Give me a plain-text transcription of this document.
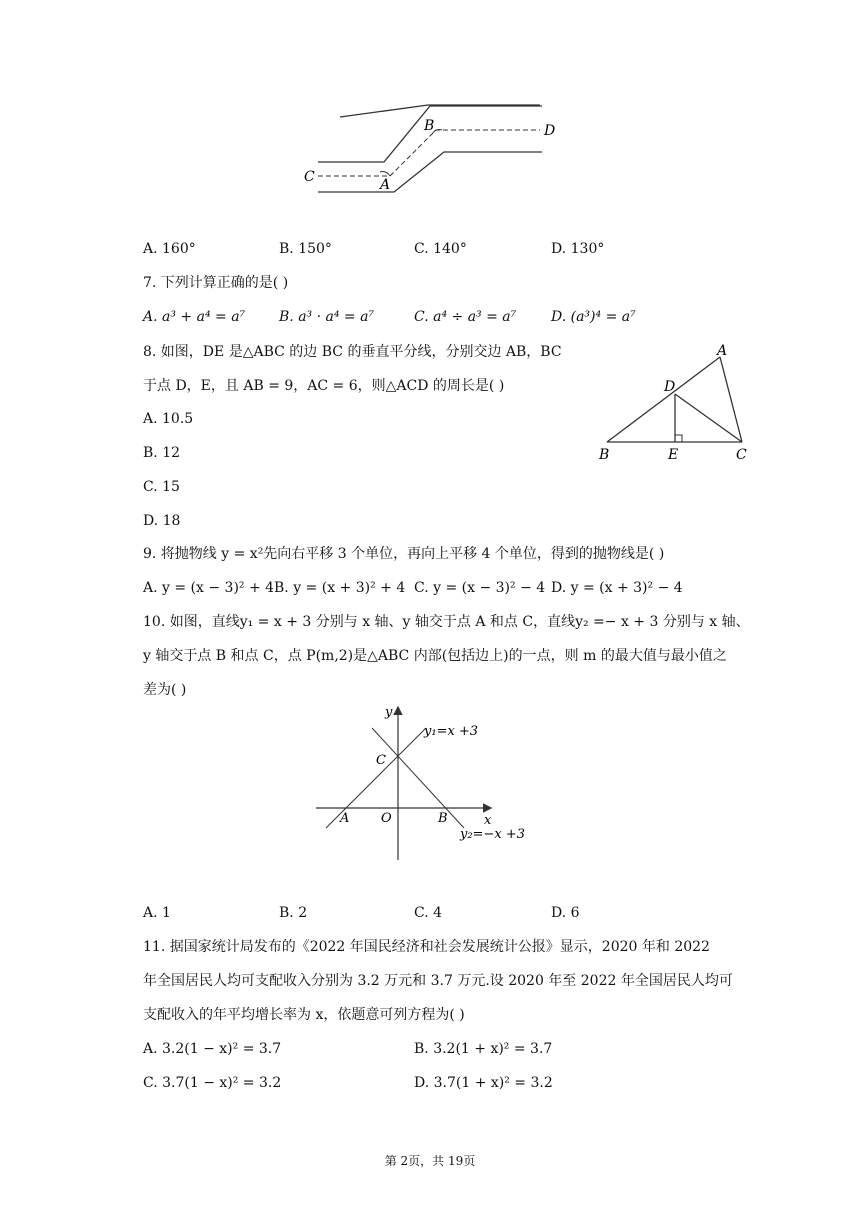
B	D
C	A
A. 160°	B. 150°	C. 140°	D. 130°
7. 下列计算正确的是( )
A. a³ + a⁴ = a⁷ B. a³ · a⁴ = a⁷	C. a⁴ ÷ a³ = a⁷ D. (a³)⁴ = a⁷
8. 如图，DE 是△ABC 的边 BC 的垂直平分线，分别交边 AB，BC
于点 D，E，且 AB = 9，AC = 6，则△ACD 的周长是( )
A. 10.5
B. 12
C. 15
D. 18
A
D
B	E	C
9. 将抛物线 y = x²先向右平移 3 个单位，再向上平移 4 个单位，得到的抛物线是( )
A. y = (x − 3)² + 4 B. y = (x + 3)² + 4 C. y = (x − 3)² − 4 D. y = (x + 3)² − 4
10. 如图，直线y₁ = x + 3 分别与 x 轴、y 轴交于点 A 和点 C，直线y₂ =− x + 3 分别与 x 轴、
y 轴交于点 B 和点 C，点 P(m,2)是△ABC 内部(包括边上)的一点，则 m 的最大值与最小值之
差为( )
y
x
y₁=x +3
y₂=−x +3
C
A O	B
A. 1	B. 2	C. 4	D. 6
11. 据国家统计局发布的《2022 年国民经济和社会发展统计公报》显示，2020 年和 2022
年全国居民人均可支配收入分别为 3.2 万元和 3.7 万元.设 2020 年至 2022 年全国居民人均可
支配收入的年平均增长率为 x，依题意可列方程为( )
A. 3.2(1 − x)² = 3.7	B. 3.2(1 + x)² = 3.7
C. 3.7(1 − x)² = 3.2	D. 3.7(1 + x)² = 3.2
第 2页，共 19页
